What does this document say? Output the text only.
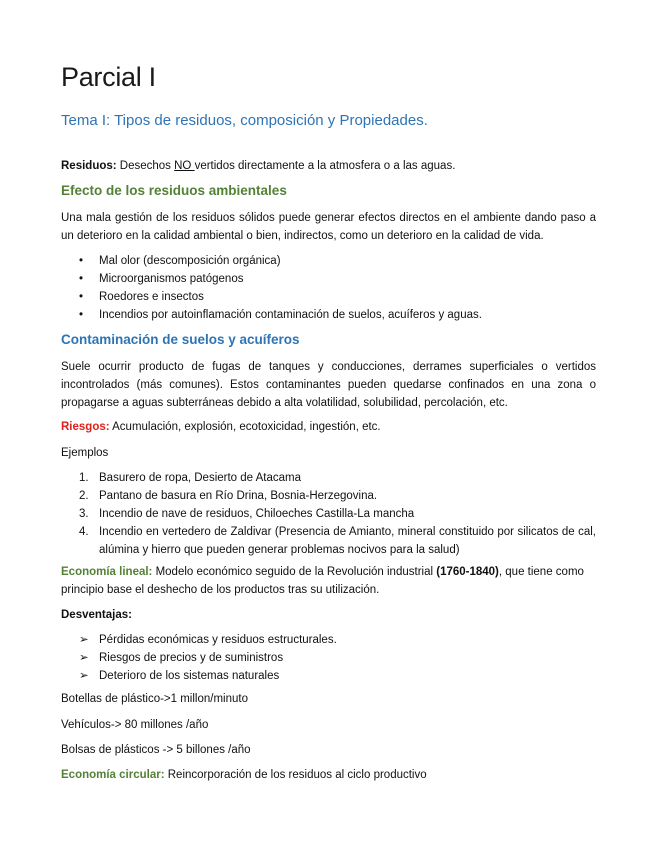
Parcial I
Tema I: Tipos de residuos, composición y Propiedades.

Residuos: Desechos NO vertidos directamente a la atmosfera o a las aguas.

Efecto de los residuos ambientales

Una mala gestión de los residuos sólidos puede generar efectos directos en el ambiente dando paso a un deterioro en la calidad ambiental o bien, indirectos, como un deterioro en la calidad de vida.

• Mal olor (descomposición orgánica)
• Microorganismos patógenos
• Roedores e insectos
• Incendios por autoinflamación contaminación de suelos, acuíferos y aguas.
Contaminación de suelos y acuíferos

Suele ocurrir producto de fugas de tanques y conducciones, derrames superficiales o vertidos incontrolados (más comunes). Estos contaminantes pueden quedarse confinados en una zona o propagarse a aguas subterráneas debido a alta volatilidad, solubilidad, percolación, etc.

Riesgos: Acumulación, explosión, ecotoxicidad, ingestión, etc.

Ejemplos

1. Basurero de ropa, Desierto de Atacama
2. Pantano de basura en Río Drina, Bosnia-Herzegovina.
3. Incendio de nave de residuos, Chiloeches Castilla-La mancha
4. Incendio en vertedero de Zaldivar (Presencia de Amianto, mineral constituido por silicatos de cal, alúmina y hierro que pueden generar problemas nocivos para la salud)

Economía lineal: Modelo económico seguido de la Revolución industrial (1760-1840), que tiene como principio base el deshecho de los productos tras su utilización.

Desventajas:

➢ Pérdidas económicas y residuos estructurales.
➢ Riesgos de precios y de suministros
➢ Deterioro de los sistemas naturales

Botellas de plástico->1 millon/minuto

Vehículos-> 80 millones /año

Bolsas de plásticos -> 5 billones /año

Economía circular: Reincorporación de los residuos al ciclo productivo
